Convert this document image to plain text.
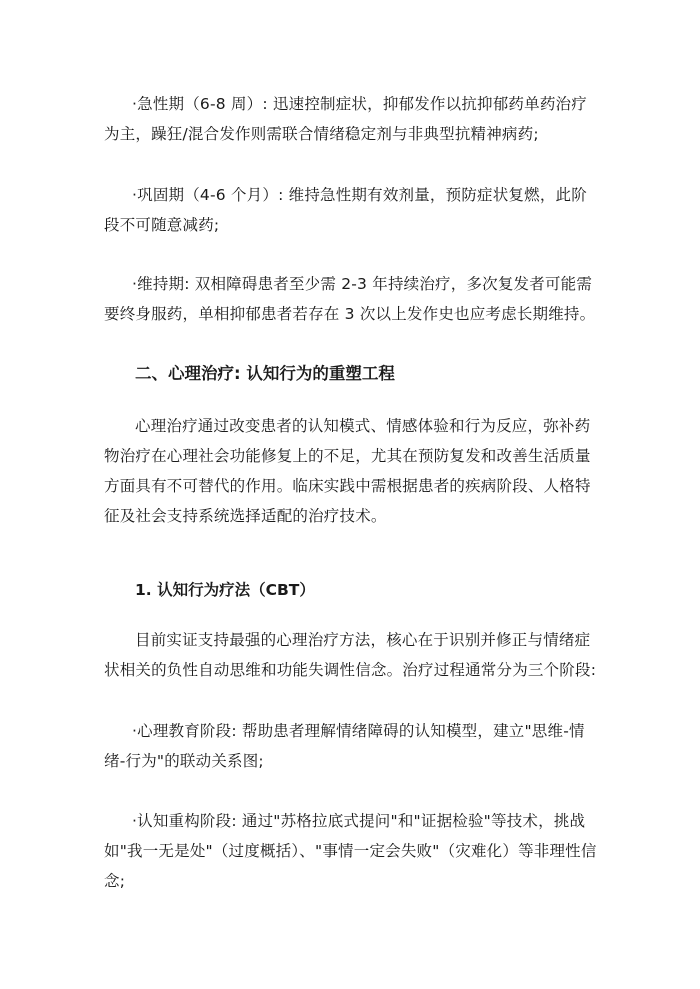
·急性期（6-8 周）: 迅速控制症状，抑郁发作以抗抑郁药单药治疗为主，躁狂/混合发作则需联合情绪稳定剂与非典型抗精神病药;

·巩固期（4-6 个月）: 维持急性期有效剂量，预防症状复燃，此阶段不可随意减药;

·维持期: 双相障碍患者至少需 2-3 年持续治疗，多次复发者可能需要终身服药，单相抑郁患者若存在 3 次以上发作史也应考虑长期维持。

二、心理治疗: 认知行为的重塑工程

心理治疗通过改变患者的认知模式、情感体验和行为反应，弥补药物治疗在心理社会功能修复上的不足，尤其在预防复发和改善生活质量方面具有不可替代的作用。临床实践中需根据患者的疾病阶段、人格特征及社会支持系统选择适配的治疗技术。

1. 认知行为疗法（CBT）

目前实证支持最强的心理治疗方法，核心在于识别并修正与情绪症状相关的负性自动思维和功能失调性信念。治疗过程通常分为三个阶段:

·心理教育阶段: 帮助患者理解情绪障碍的认知模型，建立"思维-情绪-行为"的联动关系图;

·认知重构阶段: 通过"苏格拉底式提问"和"证据检验"等技术，挑战如"我一无是处"（过度概括）、"事情一定会失败"（灾难化）等非理性信念;
